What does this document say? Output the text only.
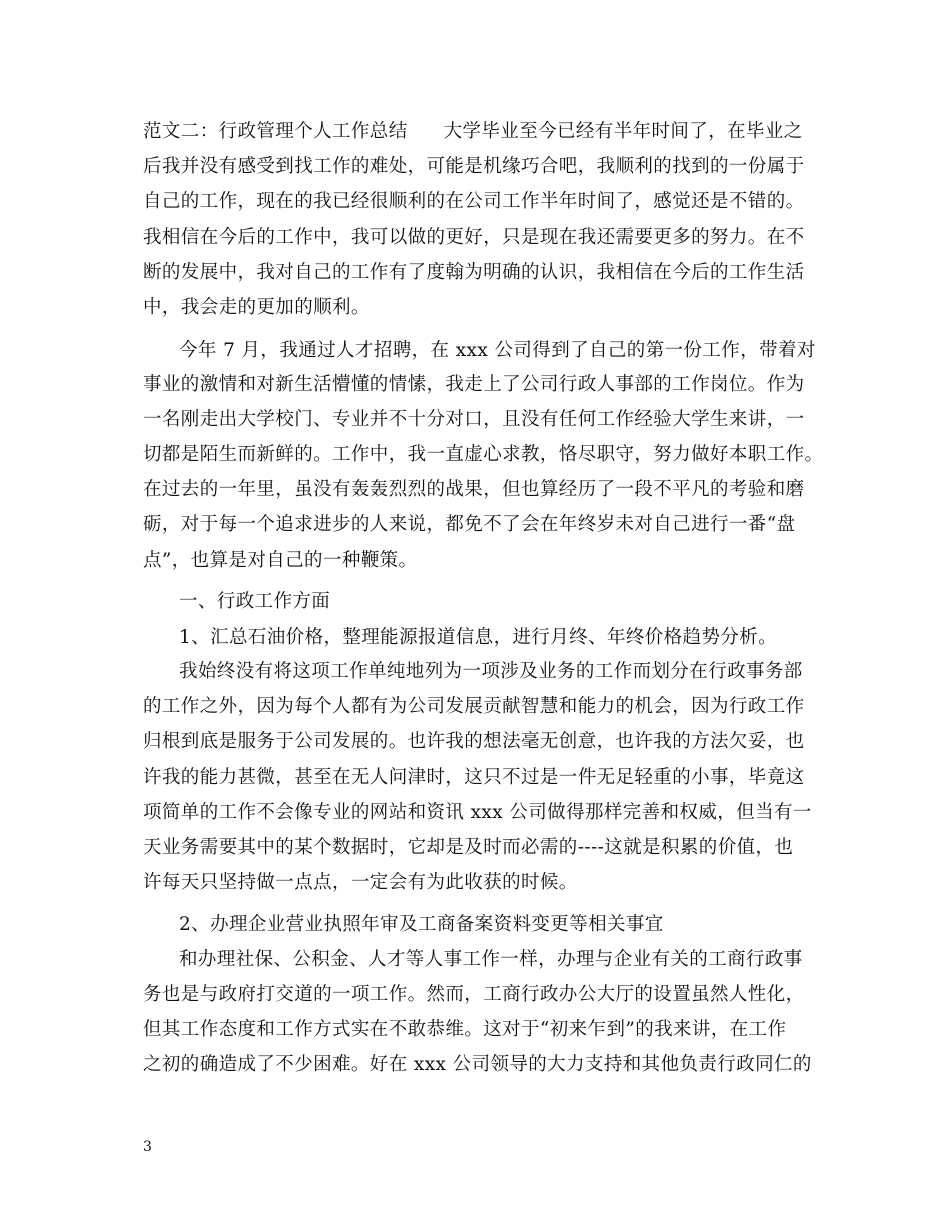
范文二：行政管理个人工作总结 大学毕业至今已经有半年时间了，在毕业之
后我并没有感受到找工作的难处，可能是机缘巧合吧，我顺利的找到的一份属于
自己的工作，现在的我已经很顺利的在公司工作半年时间了，感觉还是不错的。
我相信在今后的工作中，我可以做的更好，只是现在我还需要更多的努力。在不
断的发展中，我对自己的工作有了度翰为明确的认识，我相信在今后的工作生活
中，我会走的更加的顺利。
今年 7 月，我通过人才招聘，在 xxx 公司得到了自己的第一份工作，带着对
事业的激情和对新生活懵懂的情愫，我走上了公司行政人事部的工作岗位。作为
一名刚走出大学校门、专业并不十分对口，且没有任何工作经验大学生来讲，一
切都是陌生而新鲜的。工作中，我一直虚心求教，恪尽职守，努力做好本职工作。
在过去的一年里，虽没有轰轰烈烈的战果，但也算经历了一段不平凡的考验和磨
砺，对于每一个追求进步的人来说，都免不了会在年终岁未对自己进行一番“盘
点”，也算是对自己的一种鞭策。
一、行政工作方面
1、汇总石油价格，整理能源报道信息，进行月终、年终价格趋势分析。
我始终没有将这项工作单纯地列为一项涉及业务的工作而划分在行政事务部
的工作之外，因为每个人都有为公司发展贡献智慧和能力的机会，因为行政工作
归根到底是服务于公司发展的。也许我的想法毫无创意，也许我的方法欠妥，也
许我的能力甚微，甚至在无人问津时，这只不过是一件无足轻重的小事，毕竟这
项简单的工作不会像专业的网站和资讯 xxx 公司做得那样完善和权威，但当有一
天业务需要其中的某个数据时，它却是及时而必需的----这就是积累的价值，也
许每天只坚持做一点点，一定会有为此收获的时候。
2、办理企业营业执照年审及工商备案资料变更等相关事宜
和办理社保、公积金、人才等人事工作一样，办理与企业有关的工商行政事
务也是与政府打交道的一项工作。然而，工商行政办公大厅的设置虽然人性化，
但其工作态度和工作方式实在不敢恭维。这对于“初来乍到”的我来讲，在工作
之初的确造成了不少困难。好在 xxx 公司领导的大力支持和其他负责行政同仁的
3
